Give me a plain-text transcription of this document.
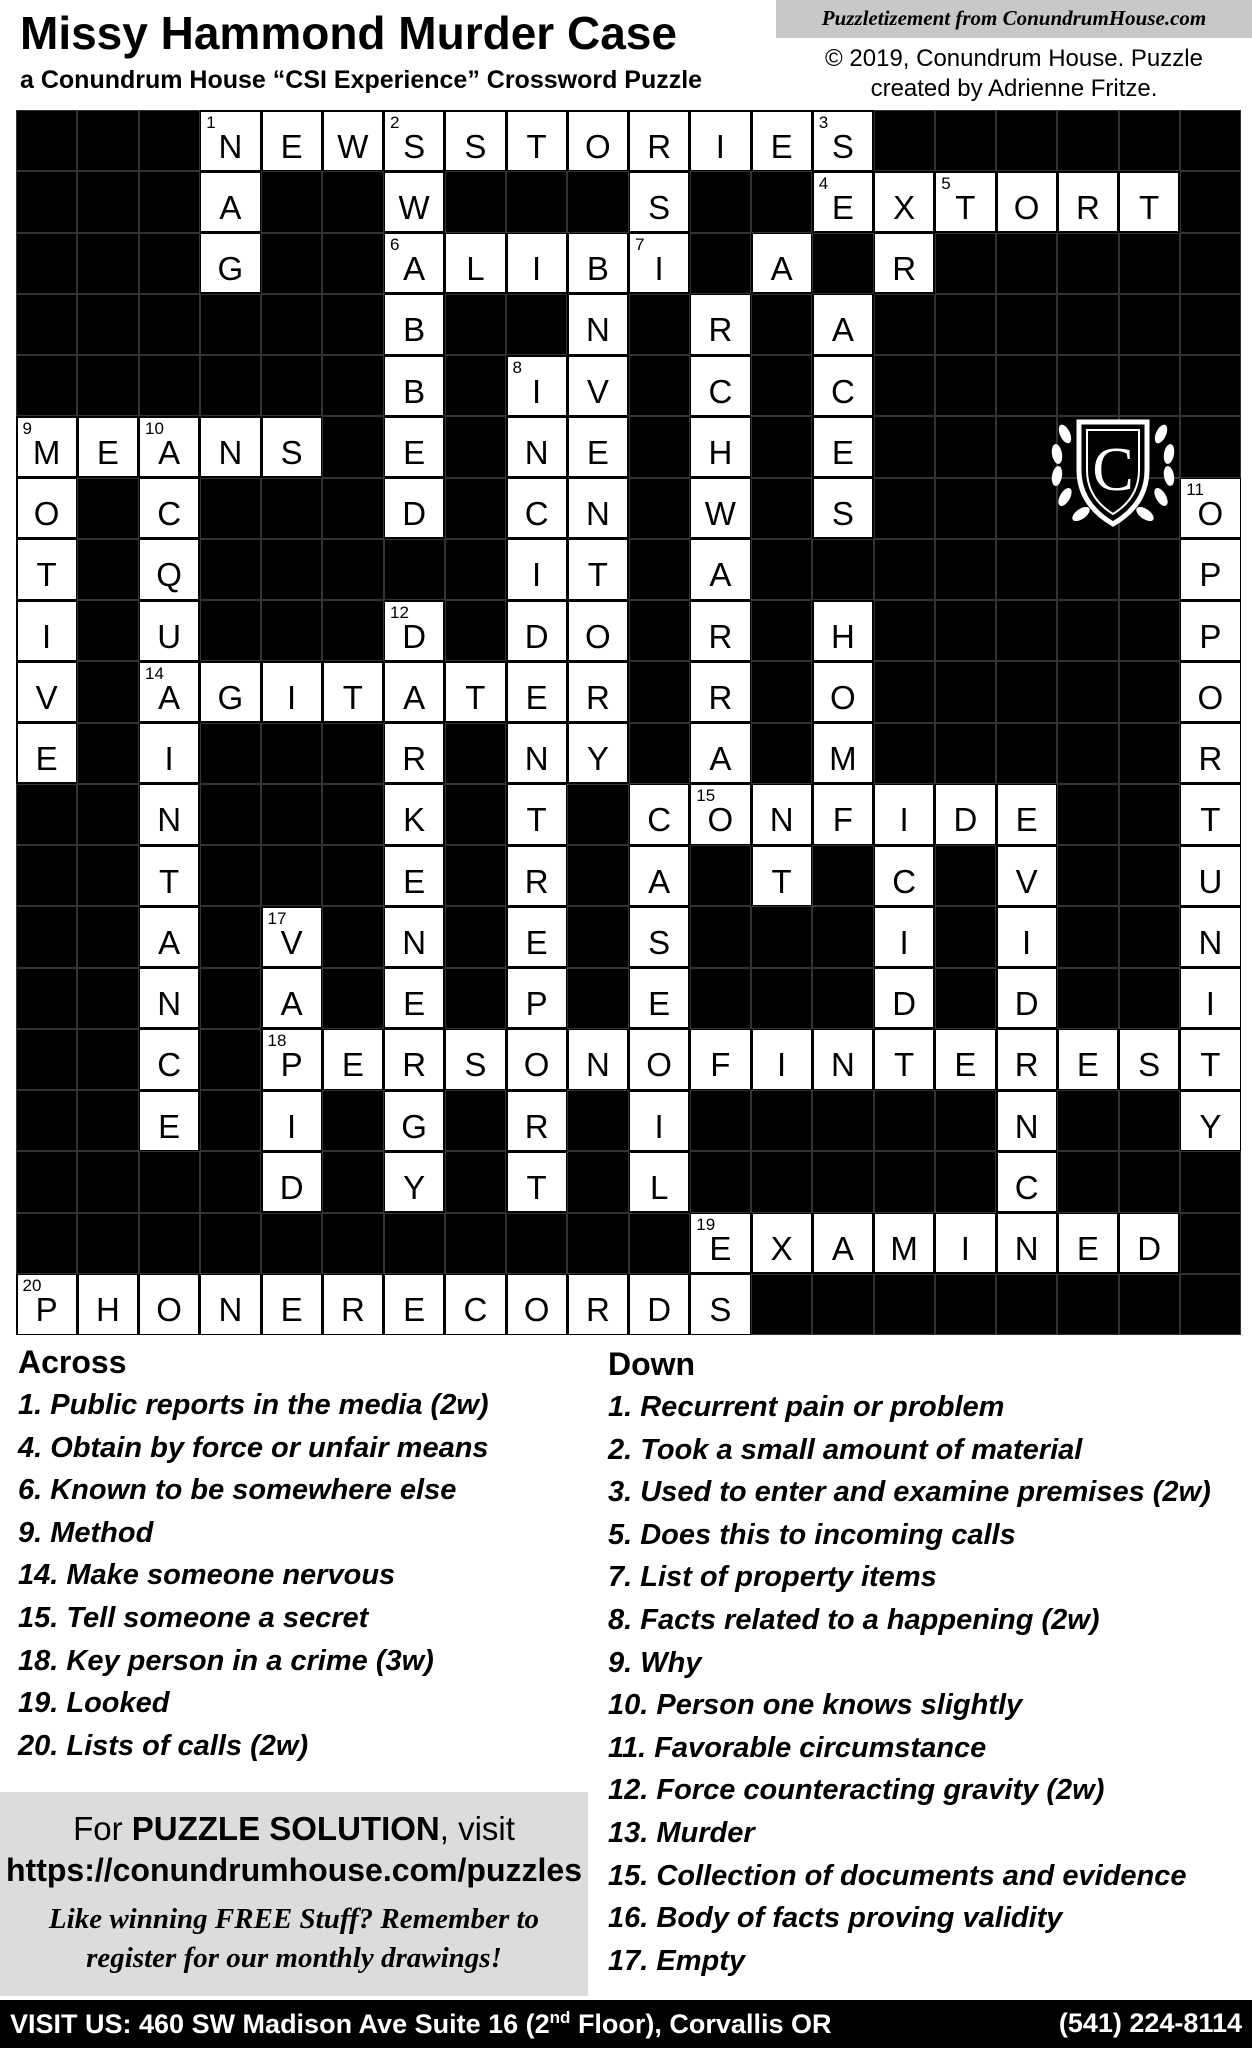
Missy Hammond Murder Case
a Conundrum House “CSI Experience” Crossword Puzzle
Puzzletizement from ConundrumHouse.com
© 2019, Conundrum House. Puzzle
created by Adrienne Fritze.
S
D
R
O
C
E
R
E
N
O
H
20
P
D
E
N
I
M
A
X
19
E
C
L
T
Y
D
Y
N
I
R
G
I
E
T
S
E
R
E
T
N
I
F
O
N
O
S
R
E
18
P
C
I
D
D
E
P
E
A
N
N
I
I
S
E
N
17
V
A
U
V
C
T
A
R
E
T
T
E
D
I
F
N
15
O
C
T
K
N
R
M
A
Y
N
R
I
E
O
O
R
R
E
T
A
T
I
G
14
A
V
P
H
R
O
D
12
D
U
I
P
A
T
I
Q
T
11
O
S
W
N
C
D
C
O
E
H
E
N
E
S
N
10
A
E
9
M
C
C
V
8
I
B
A
R
N
B
R
A
7
I
B
I
L
6
A
G
T
R
O
5
T
X
4
E
S
W
A
3
S
E
I
R
O
T
S
2
S
W
E
1
N
C
Across
1. Public reports in the media (2w)
4. Obtain by force or unfair means
6. Known to be somewhere else
9. Method
14. Make someone nervous
15. Tell someone a secret
18. Key person in a crime (3w)
19. Looked
20. Lists of calls (2w)
Down
1. Recurrent pain or problem
2. Took a small amount of material
3. Used to enter and examine premises (2w)
5. Does this to incoming calls
7. List of property items
8. Facts related to a happening (2w)
9. Why
10. Person one knows slightly
11. Favorable circumstance
12. Force counteracting gravity (2w)
13. Murder
15. Collection of documents and evidence
16. Body of facts proving validity
17. Empty
For PUZZLE SOLUTION, visit
https://conundrumhouse.com/puzzles
Like winning FREE Stuff? Remember to register for our monthly drawings!
VISIT US: 460 SW Madison Ave Suite 16 (2nd Floor), Corvallis OR	(541) 224-8114
